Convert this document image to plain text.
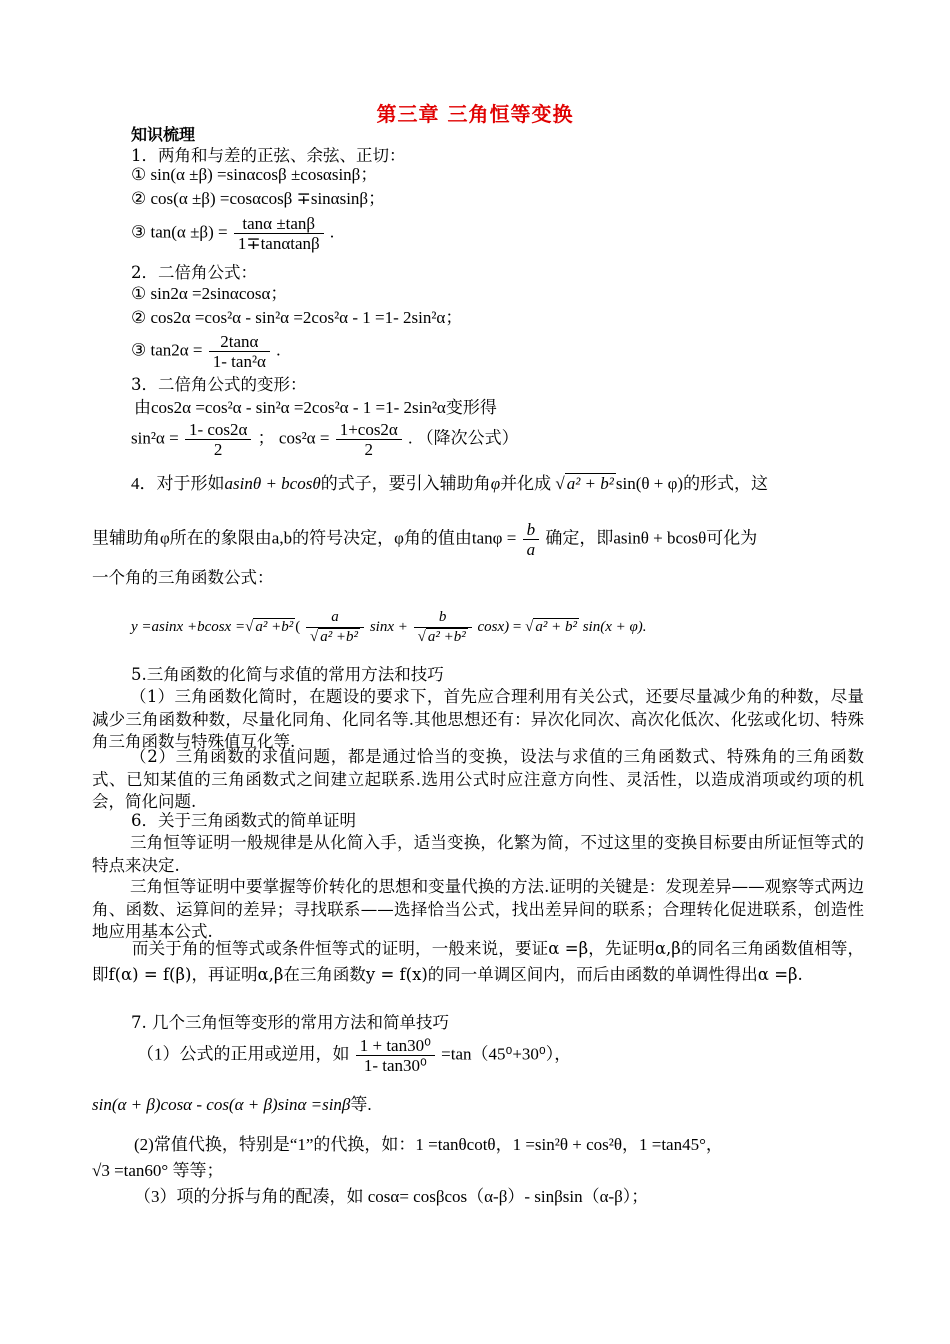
第三章 三角恒等变换
知识梳理
1．两角和与差的正弦、余弦、正切：
① sin(α ±β) =sinαcosβ ±cosαsinβ；
② cos(α ±β) =cosαcosβ ∓sinαsinβ；
③ $\tan(\alpha \pm\beta) = \frac{\tan\alpha \pm\tan\beta}{1\mp\tan\alpha\tan\beta}$ .
2．二倍角公式：
① sin2α =2sinαcosα；
② cos2α =cos²α - sin²α =2cos²α - 1 =1- 2sin²α；
③ $\tan 2\alpha = \frac{2\tan\alpha}{\text{1- tan²α}}$ .
3．二倍角公式的变形：
由cos2α =cos²α - sin²α =2cos²α - 1 =1- 2sin²α变形得
$\sin^2\alpha = \frac{1- \cos 2\alpha}{2}$ ； $\cos^2\alpha = \frac{1+\cos 2\alpha}{2}$ . （降次公式）
4．对于形如asinθ + bcosθ的式子，要引入辅助角φ并化成 √ a² + b² sin(θ + φ)的形式，这
里辅助角φ所在的象限由a,b的符号决定，φ角的值由$\tan\varphi = \frac{b}{a}$ 确定，即asinθ + bcosθ可化为
一个角的三角函数公式：
y =asinx +bcosx =√ a² +b² ( $\frac{a}{\text{√ a² +b²}}$ $\sin x + \frac{b}{\text{√ a² +b²}} \cos x$) = √ a² + b² sin(x + φ).
5.三角函数的化简与求值的常用方法和技巧
（1）三角函数化简时，在题设的要求下，首先应合理利用有关公式，还要尽量减少角的种数，尽量减少三角函数种数，尽量化同角、化同名等.其他思想还有：异次化同次、高次化低次、化弦或化切、特殊角三角函数与特殊值互化等.
（2）三角函数的求值问题，都是通过恰当的变换，设法与求值的三角函数式、特殊角的三角函数式、已知某值的三角函数式之间建立起联系.选用公式时应注意方向性、灵活性，以造成消项或约项的机会，简化问题.
6．关于三角函数式的简单证明
三角恒等证明一般规律是从化简入手，适当变换，化繁为简，不过这里的变换目标要由所证恒等式的特点来决定.
三角恒等证明中要掌握等价转化的思想和变量代换的方法.证明的关键是：发现差异——观察等式两边角、函数、运算间的差异；寻找联系——选择恰当公式，找出差异间的联系；合理转化促进联系，创造性地应用基本公式.
而关于角的恒等式或条件恒等式的证明，一般来说，要证α =β，先证明α,β的同名三角函数值相等，即f(α) = f(β)，再证明α,β在三角函数y = f(x)的同一单调区间内，而后由函数的单调性得出α =β.
7. 几个三角恒等变形的常用方法和简单技巧
（1）公式的正用或逆用，如 $\frac{\text{1 + tan30⁰}}{\text{1- tan30⁰}} =\tan(45^0+30^0)$，
sin(α + β)cosα - cos(α + β)sinα =sinβ等.
(2)常值代换，特别是“1”的代换，如：1 =tanθcotθ，1 =sin²θ + cos²θ，1 =tan45°，
√3 =tan60° 等等；
（3）项的分拆与角的配凑，如 cosα= cosβcos（α-β）- sinβsin（α-β）；
